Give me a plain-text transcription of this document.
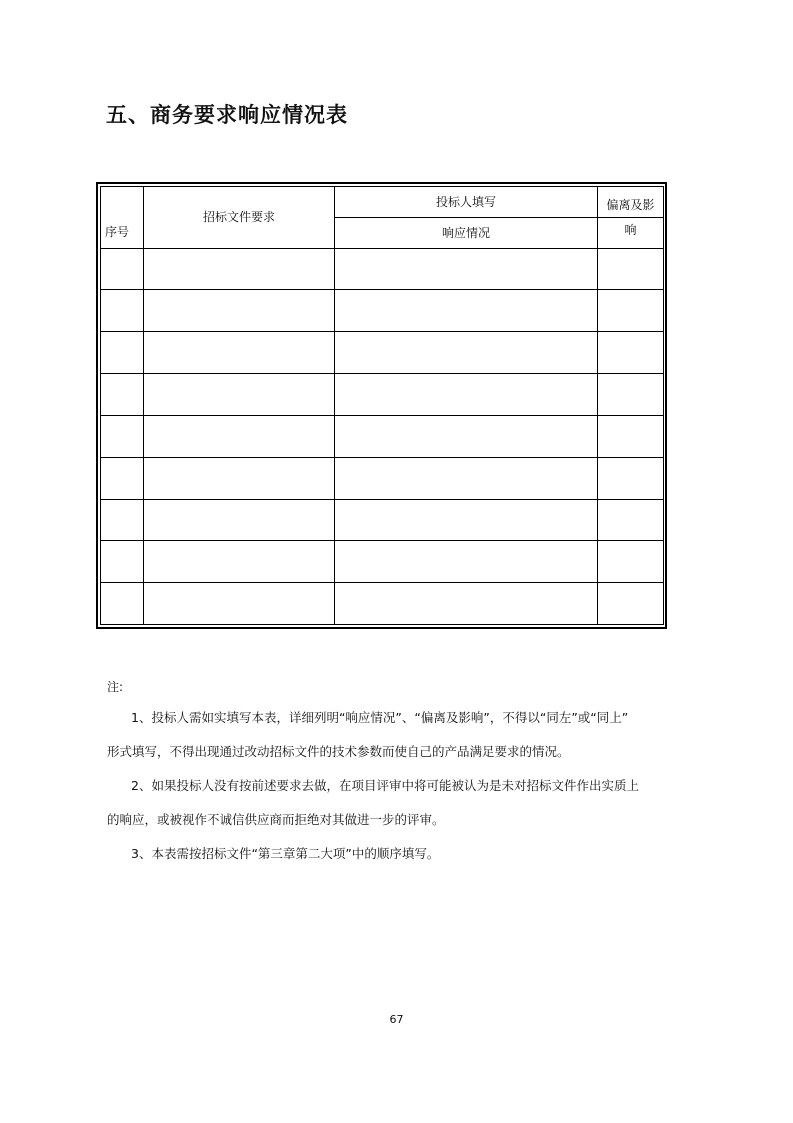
五、商务要求响应情况表
序号	招标文件要求	投标人填写	偏离及影
		响应情况	响

注:
1、投标人需如实填写本表，详细列明“响应情况”、“偏离及影响”，不得以“同左”或“同上”
形式填写，不得出现通过改动招标文件的技术参数而使自己的产品满足要求的情况。
2、如果投标人没有按前述要求去做，在项目评审中将可能被认为是未对招标文件作出实质上
的响应，或被视作不诚信供应商而拒绝对其做进一步的评审。
3、本表需按招标文件“第三章第二大项”中的顺序填写。
67
